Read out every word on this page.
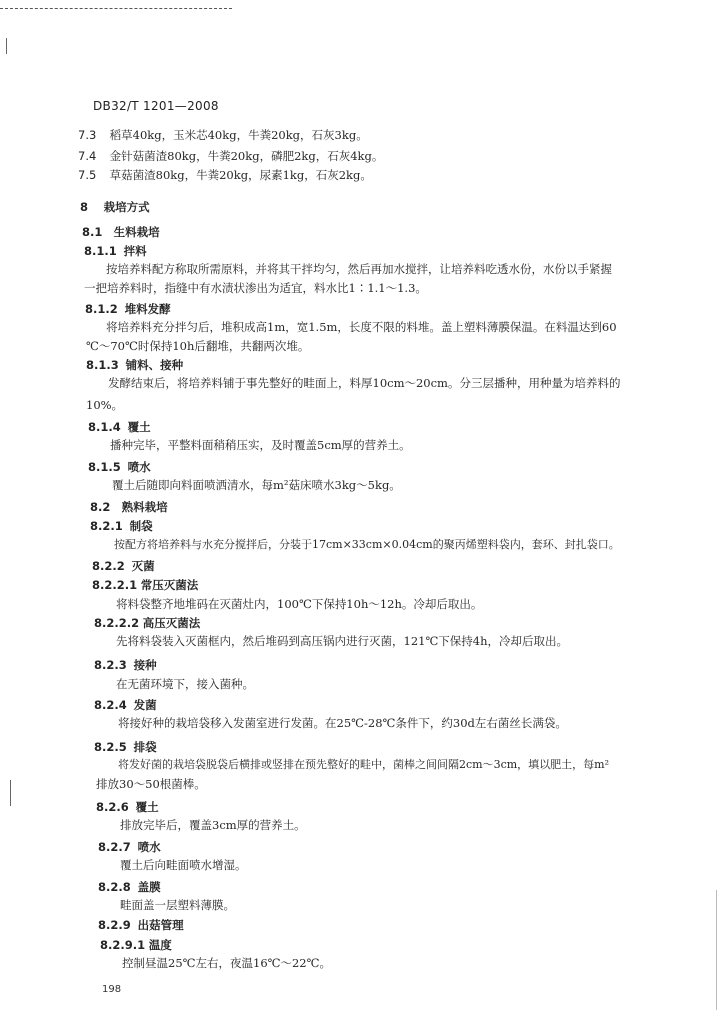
DB32/T 1201—2008
7.3 稻草40kg，玉米芯40kg，牛粪20kg，石灰3kg。
7.4 金针菇菌渣80kg，牛粪20kg，磷肥2kg，石灰4kg。
7.5 草菇菌渣80kg，牛粪20kg，尿素1kg，石灰2kg。
8 栽培方式
8.1 生料栽培
8.1.1 拌料
按培养料配方称取所需原料，并将其干拌均匀，然后再加水搅拌，让培养料吃透水份，水份以手紧握
一把培养料时，指缝中有水渍状渗出为适宜，料水比1∶1.1～1.3。
8.1.2 堆料发酵
将培养料充分拌匀后，堆积成高1m，宽1.5m，长度不限的料堆。盖上塑料薄膜保温。在料温达到60
℃～70℃时保持10h后翻堆，共翻两次堆。
8.1.3 铺料、接种
发酵结束后，将培养料铺于事先整好的畦面上，料厚10cm～20cm。分三层播种，用种量为培养料的
10%。
8.1.4 覆土
播种完毕，平整料面稍稍压实，及时覆盖5cm厚的营养土。
8.1.5 喷水
覆土后随即向料面喷洒清水，每m²菇床喷水3kg～5kg。
8.2 熟料栽培
8.2.1 制袋
按配方将培养料与水充分搅拌后，分装于17cm×33cm×0.04cm的聚丙烯塑料袋内，套环、封扎袋口。
8.2.2 灭菌
8.2.2.1 常压灭菌法
将料袋整齐地堆码在灭菌灶内，100℃下保持10h～12h。冷却后取出。
8.2.2.2 高压灭菌法
先将料袋装入灭菌框内，然后堆码到高压锅内进行灭菌，121℃下保持4h，冷却后取出。
8.2.3 接种
在无菌环境下，接入菌种。
8.2.4 发菌
将接好种的栽培袋移入发菌室进行发菌。在25℃-28℃条件下，约30d左右菌丝长满袋。
8.2.5 排袋
将发好菌的栽培袋脱袋后横排或竖排在预先整好的畦中，菌棒之间间隔2cm～3cm，填以肥土，每m²
排放30～50根菌棒。
8.2.6 覆土
排放完毕后，覆盖3cm厚的营养土。
8.2.7 喷水
覆土后向畦面喷水增湿。
8.2.8 盖膜
畦面盖一层塑料薄膜。
8.2.9 出菇管理
8.2.9.1 温度
控制昼温25℃左右，夜温16℃～22℃。
198
